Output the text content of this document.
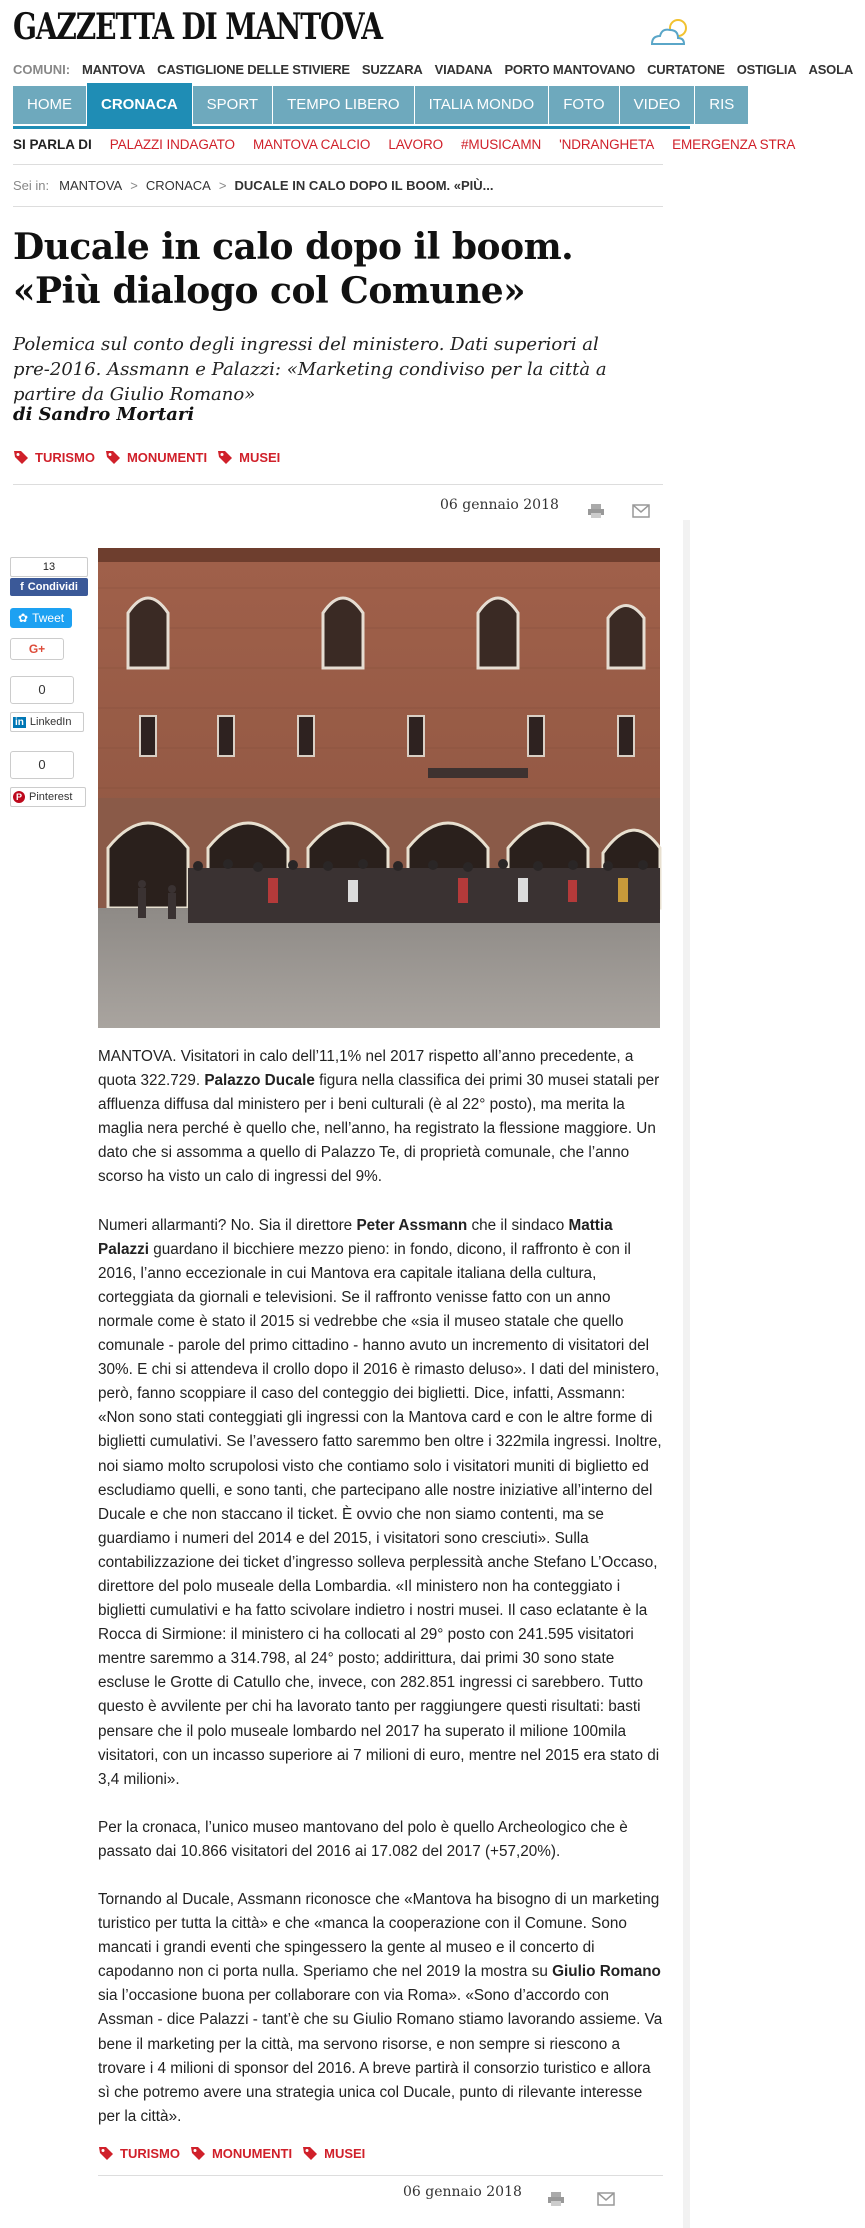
GAZZETTA DI MANTOVA
COMUNI: MANTOVA CASTIGLIONE DELLE STIVIERE SUZZARA VIADANA PORTO MANTOVANO CURTATONE OSTIGLIA ASOLA
HOME	CRONACA	SPORT	TEMPO LIBERO	ITALIA MONDO	FOTO	VIDEO	RIS
SI PARLA DI PALAZZI INDAGATO MANTOVA CALCIO LAVORO #MUSICAMN 'NDRANGHETA EMERGENZA STRA
Sei in: MANTOVA > CRONACA > DUCALE IN CALO DOPO IL BOOM. «PIÙ...
Ducale in calo dopo il boom. «Più dialogo col Comune»
Polemica sul conto degli ingressi del ministero. Dati superiori al pre-2016. Assmann e Palazzi: «Marketing condiviso per la città a partire da Giulio Romano»
di Sandro Mortari
TURISMO MONUMENTI MUSEI
06 gennaio 2018
13
f Condividi
✿ Tweet
G+
0
in LinkedIn
0
P Pinterest

MANTOVA. Visitatori in calo dell’11,1% nel 2017 rispetto all’anno precedente, a quota 322.729. Palazzo Ducale figura nella classifica dei primi 30 musei statali per affluenza diffusa dal ministero per i beni culturali (è al 22° posto), ma merita la maglia nera perché è quello che, nell’anno, ha registrato la flessione maggiore. Un dato che si assomma a quello di Palazzo Te, di proprietà comunale, che l’anno scorso ha visto un calo di ingressi del 9%.

Numeri allarmanti? No. Sia il direttore Peter Assmann che il sindaco Mattia Palazzi guardano il bicchiere mezzo pieno: in fondo, dicono, il raffronto è con il 2016, l’anno eccezionale in cui Mantova era capitale italiana della cultura, corteggiata da giornali e televisioni. Se il raffronto venisse fatto con un anno normale come è stato il 2015 si vedrebbe che «sia il museo statale che quello comunale - parole del primo cittadino - hanno avuto un incremento di visitatori del 30%. E chi si attendeva il crollo dopo il 2016 è rimasto deluso». I dati del ministero, però, fanno scoppiare il caso del conteggio dei biglietti. Dice, infatti, Assmann: «Non sono stati conteggiati gli ingressi con la Mantova card e con le altre forme di biglietti cumulativi. Se l’avessero fatto saremmo ben oltre i 322mila ingressi. Inoltre, noi siamo molto scrupolosi visto che contiamo solo i visitatori muniti di biglietto ed escludiamo quelli, e sono tanti, che partecipano alle nostre iniziative all’interno del Ducale e che non staccano il ticket. È ovvio che non siamo contenti, ma se guardiamo i numeri del 2014 e del 2015, i visitatori sono cresciuti». Sulla contabilizzazione dei ticket d’ingresso solleva perplessità anche Stefano L’Occaso, direttore del polo museale della Lombardia. «Il ministero non ha conteggiato i biglietti cumulativi e ha fatto scivolare indietro i nostri musei. Il caso eclatante è la Rocca di Sirmione: il ministero ci ha collocati al 29° posto con 241.595 visitatori mentre saremmo a 314.798, al 24° posto; addirittura, dai primi 30 sono state escluse le Grotte di Catullo che, invece, con 282.851 ingressi ci sarebbero. Tutto questo è avvilente per chi ha lavorato tanto per raggiungere questi risultati: basti pensare che il polo museale lombardo nel 2017 ha superato il milione 100mila visitatori, con un incasso superiore ai 7 milioni di euro, mentre nel 2015 era stato di 3,4 milioni».

Per la cronaca, l’unico museo mantovano del polo è quello Archeologico che è passato dai 10.866 visitatori del 2016 ai 17.082 del 2017 (+57,20%).

Tornando al Ducale, Assmann riconosce che «Mantova ha bisogno di un marketing turistico per tutta la città» e che «manca la cooperazione con il Comune. Sono mancati i grandi eventi che spingessero la gente al museo e il concerto di capodanno non ci porta nulla. Speriamo che nel 2019 la mostra su Giulio Romano sia l’occasione buona per collaborare con via Roma». «Sono d’accordo con Assman - dice Palazzi - tant’è che su Giulio Romano stiamo lavorando assieme. Va bene il marketing per la città, ma servono risorse, e non sempre si riescono a trovare i 4 milioni di sponsor del 2016. A breve partirà il consorzio turistico e allora sì che potremo avere una strategia unica col Ducale, punto di rilevante interesse per la città».

TURISMO MONUMENTI MUSEI
06 gennaio 2018
